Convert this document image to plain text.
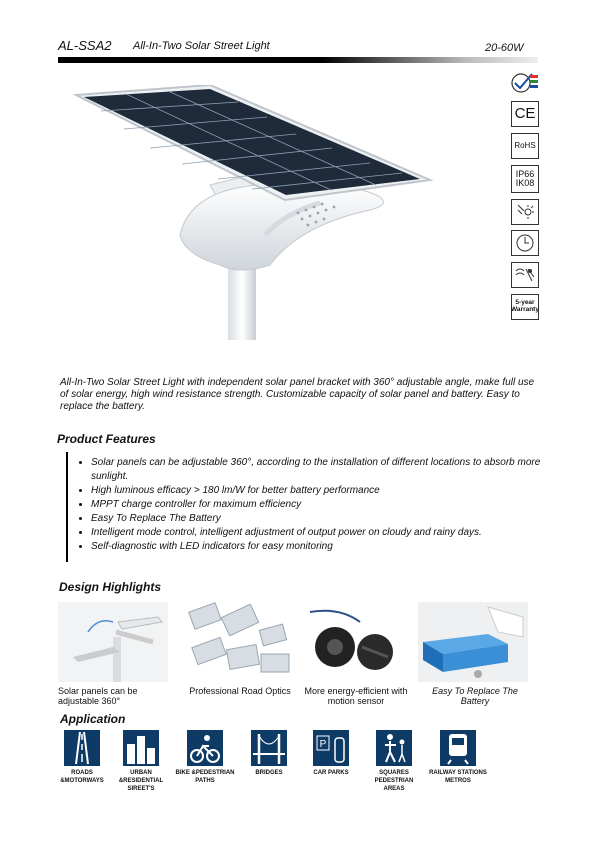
AL-SSA2 All-In-Two Solar Street Light	20-60W
CE
RoHS
IP66
IK08
5-year
Warranty
All-In-Two Solar Street Light with independent solar panel bracket with 360° adjustable angle, make full use of solar energy, high wind resistance strength. Customizable capacity of solar panel and battery. Easy to replace the battery.
Product Features
• Solar panels can be adjustable 360°, according to the installation of different locations to absorb more sunlight.
• High luminous efficacy > 180 lm/W for better battery performance
• MPPT charge controller for maximum efficiency
• Easy To Replace The Battery
• Intelligent mode control, intelligent adjustment of output power on cloudy and rainy days.
• Self-diagnostic with LED indicators for easy monitoring
Design Highlights
Solar panels can be adjustable 360°
Professional Road Optics	More energy-efficient with motion sensor
Easy To Replace The Battery
Application
P
ROADS &MOTORWAYS
URBAN &RESIDENTIAL SIREET'S
BIKE &PEDESTRIAN PATHS
BRIDGES	CAR PARKS	SQUARES PEDESTRIAN AREAS
RAILWAY STATIONS METROS
